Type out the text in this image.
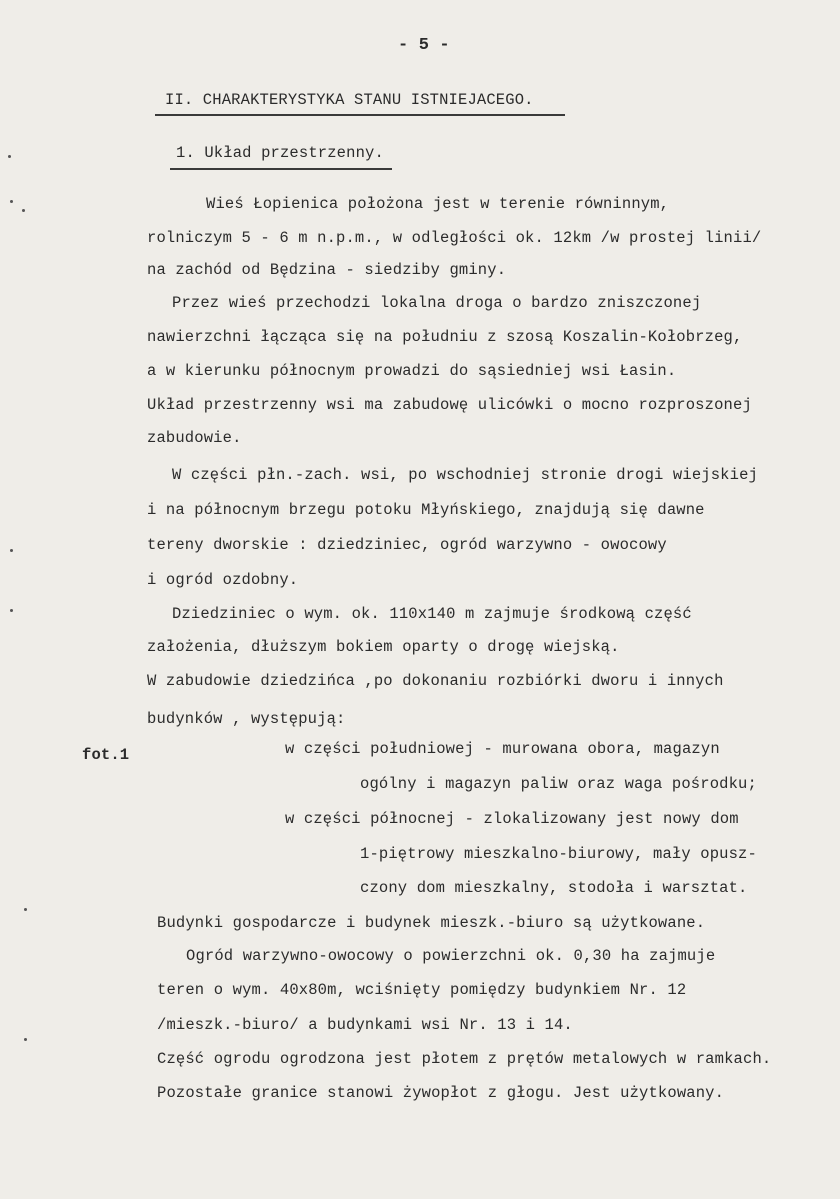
- 5 -
II. CHARAKTERYSTYKA STANU ISTNIEJACEGO.
1. Układ przestrzenny.
Wieś Łopienica położona jest w terenie równinnym,
rolniczym 5 - 6 m n.p.m., w odległości ok. 12km /w prostej linii/
na zachód od Będzina - siedziby gminy.
Przez wieś przechodzi lokalna droga o bardzo zniszczonej
nawierzchni łącząca się na południu z szosą Koszalin-Kołobrzeg,
a w kierunku północnym prowadzi do sąsiedniej wsi Łasin.
Układ przestrzenny wsi ma zabudowę ulicówki o mocno rozproszonej
zabudowie.
W części płn.-zach. wsi, po wschodniej stronie drogi wiejskiej
i na północnym brzegu potoku Młyńskiego, znajdują się dawne
tereny dworskie : dziedziniec, ogród warzywno - owocowy
i ogród ozdobny.
Dziedziniec o wym. ok. 110x140 m zajmuje środkową część
założenia, dłuższym bokiem oparty o drogę wiejską.
W zabudowie dziedzińca ,po dokonaniu rozbiórki dworu i innych
budynków , występują:
fot.1	w części południowej - murowana obora, magazyn
ogólny i magazyn paliw oraz waga pośrodku;
w części północnej - zlokalizowany jest nowy dom
1-piętrowy mieszkalno-biurowy, mały opusz-
czony dom mieszkalny, stodoła i warsztat.
Budynki gospodarcze i budynek mieszk.-biuro są użytkowane.
Ogród warzywno-owocowy o powierzchni ok. 0,30 ha zajmuje
teren o wym. 40x80m, wciśnięty pomiędzy budynkiem Nr. 12
/mieszk.-biuro/ a budynkami wsi Nr. 13 i 14.
Część ogrodu ogrodzona jest płotem z prętów metalowych w ramkach.
Pozostałe granice stanowi żywopłot z głogu. Jest użytkowany.
